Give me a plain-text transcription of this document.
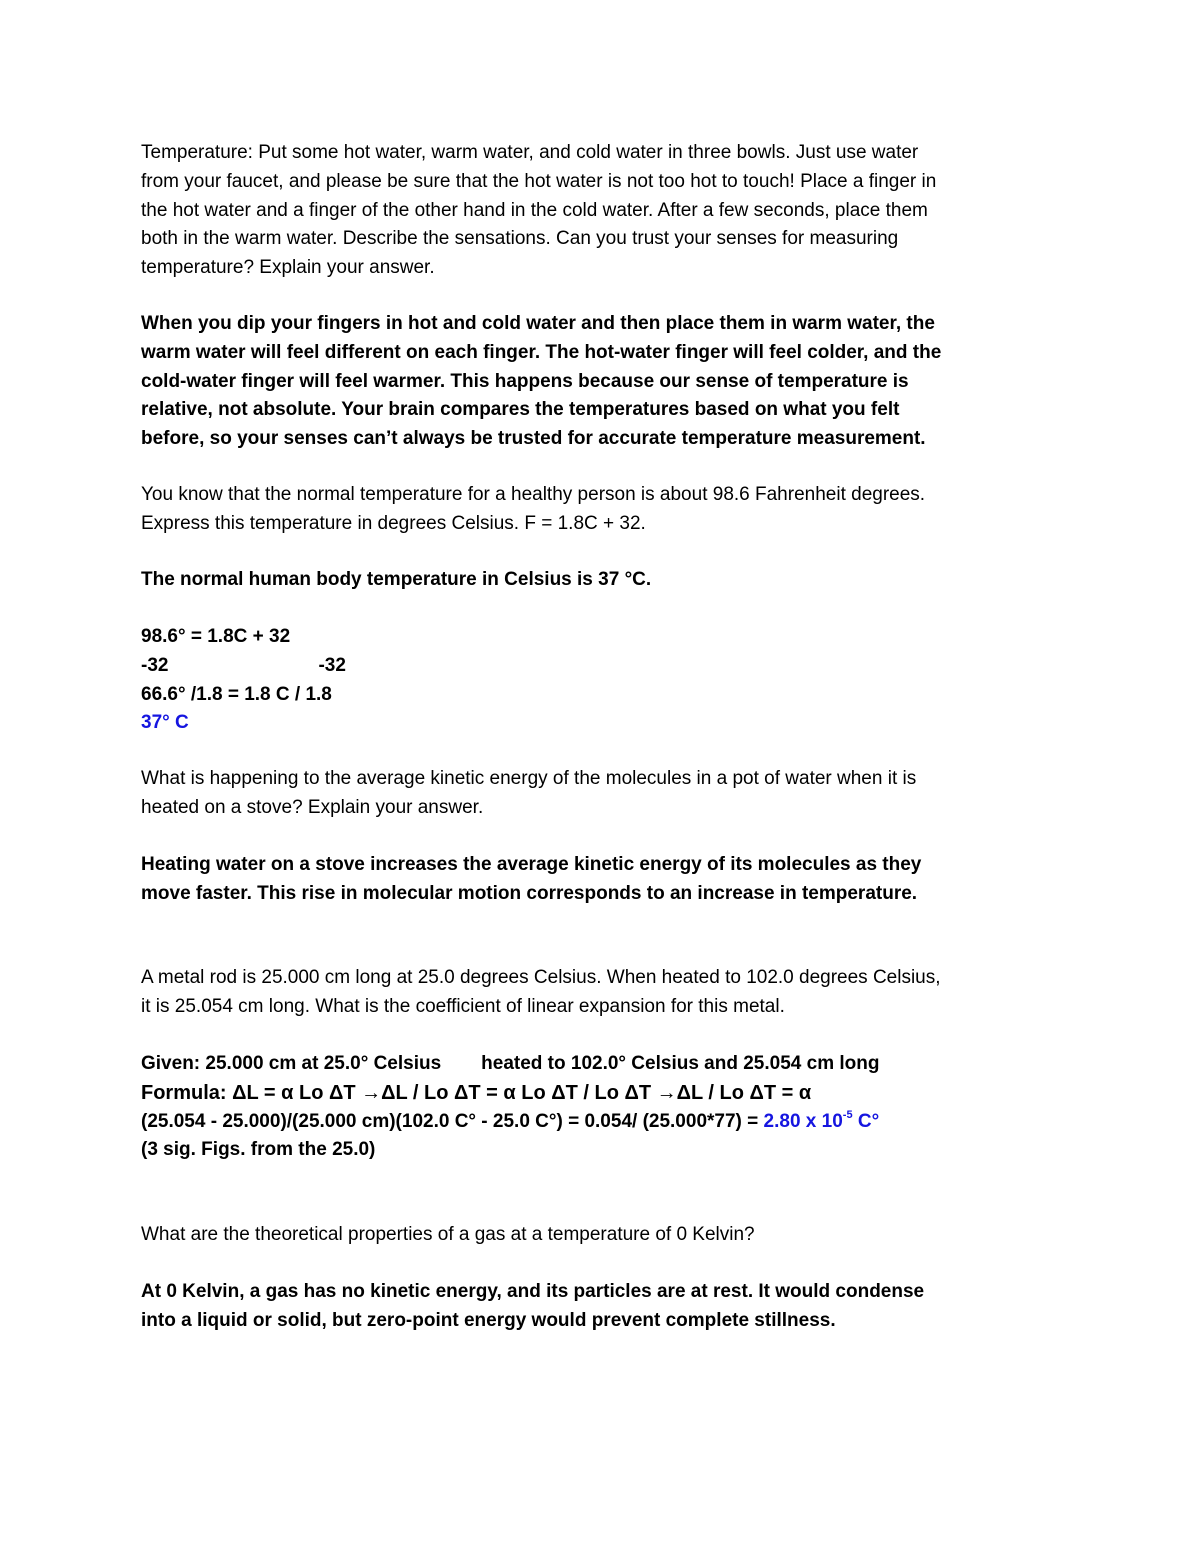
Temperature: Put some hot water, warm water, and cold water in three bowls. Just use water
from your faucet, and please be sure that the hot water is not too hot to touch! Place a finger in
the hot water and a finger of the other hand in the cold water. After a few seconds, place them
both in the warm water. Describe the sensations. Can you trust your senses for measuring
temperature? Explain your answer.
When you dip your fingers in hot and cold water and then place them in warm water, the
warm water will feel different on each finger. The hot-water finger will feel colder, and the
cold-water finger will feel warmer. This happens because our sense of temperature is
relative, not absolute. Your brain compares the temperatures based on what you felt
before, so your senses can’t always be trusted for accurate temperature measurement.
You know that the normal temperature for a healthy person is about 98.6 Fahrenheit degrees.
Express this temperature in degrees Celsius. F = 1.8C + 32.
The normal human body temperature in Celsius is 37 °C.
98.6° = 1.8C + 32
-32	-32
66.6° /1.8 = 1.8 C / 1.8
37° C
What is happening to the average kinetic energy of the molecules in a pot of water when it is
heated on a stove? Explain your answer.
Heating water on a stove increases the average kinetic energy of its molecules as they
move faster. This rise in molecular motion corresponds to an increase in temperature.
A metal rod is 25.000 cm long at 25.0 degrees Celsius. When heated to 102.0 degrees Celsius,
it is 25.054 cm long. What is the coefficient of linear expansion for this metal.
Given: 25.000 cm at 25.0° Celsius heated to 102.0° Celsius and 25.054 cm long
Formula: ΔL = α Lo ΔT →ΔL / Lo ΔT = α Lo ΔT / Lo ΔT →ΔL / Lo ΔT = α
(25.054 - 25.000)/(25.000 cm)(102.0 C° - 25.0 C°) = 0.054/ (25.000*77) = 2.80 x $10^{-5}$ C°
(3 sig. Figs. from the 25.0)
What are the theoretical properties of a gas at a temperature of 0 Kelvin?
At 0 Kelvin, a gas has no kinetic energy, and its particles are at rest. It would condense
into a liquid or solid, but zero-point energy would prevent complete stillness.
